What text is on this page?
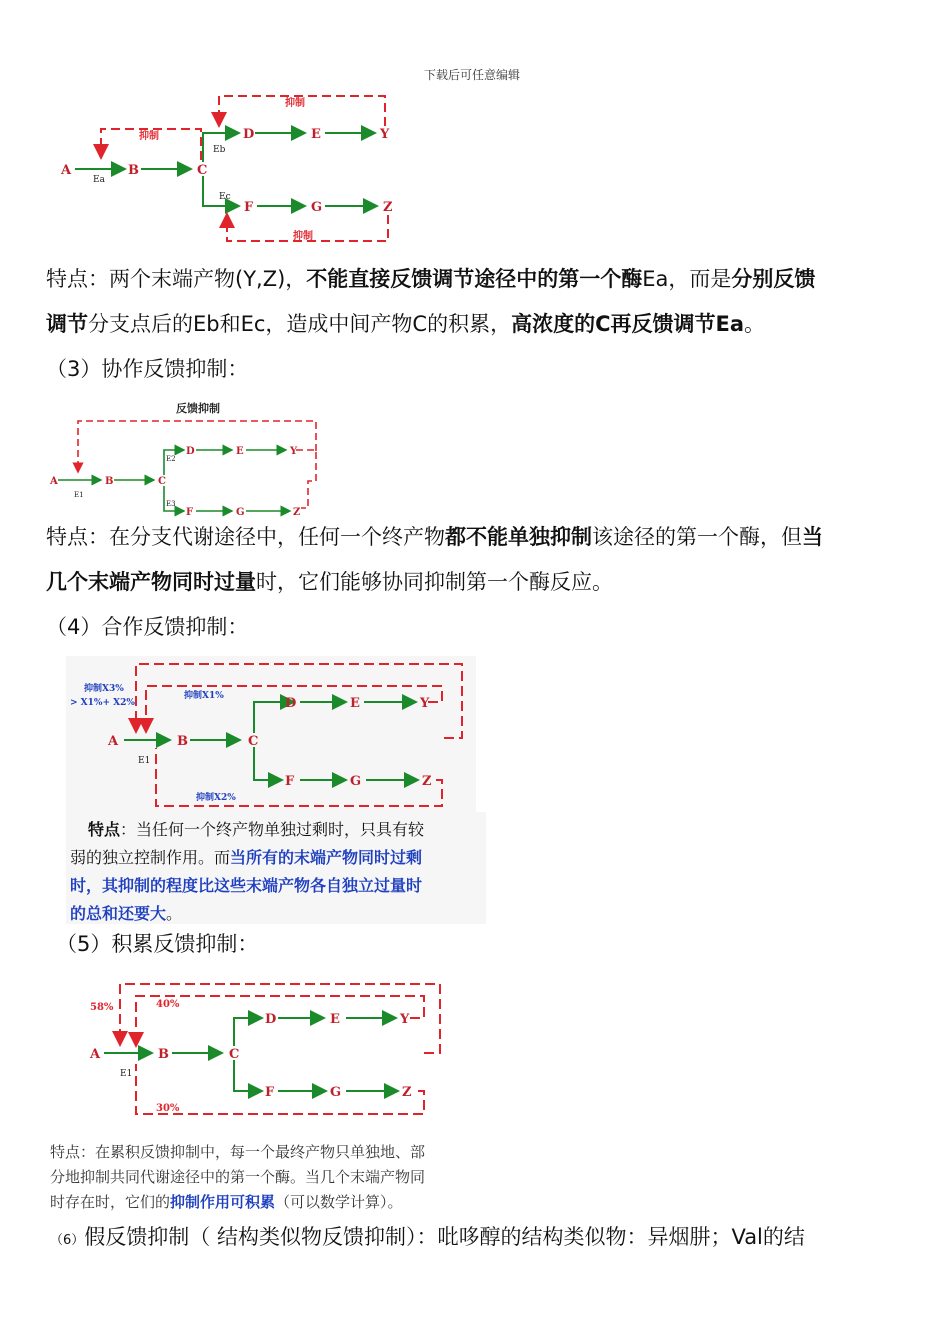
下载后可任意编辑
A	B	C
D	E	Y
F	G	Z
Ea
Eb
Ec
抑制
抑制
抑制
特点：两个末端产物(Y,Z)，不能直接反馈调节途径中的第一个酶Ea，而是分别反馈
调节分支点后的Eb和Ec，造成中间产物C的积累，高浓度的C再反馈调节Ea。
（3）协作反馈抑制：
反馈抑制
A	B	C
D	E	Y
F	G	Z
E1
E2
E3
特点：在分支代谢途径中，任何一个终产物都不能单独抑制该途径的第一个酶，但当
几个末端产物同时过量时，它们能够协同抑制第一个酶反应。
（4）合作反馈抑制：
A	B	C
D	E	Y
F	G	Z
E1
抑制X3%
> X1%+ X2%
抑制X1%
抑制X2%
特点：当任何一个终产物单独过剩时，只具有较
弱的独立控制作用。而当所有的末端产物同时过剩
时，其抑制的程度比这些末端产物各自独立过量时
的总和还要大。
（5）积累反馈抑制：
A	B	C
D	E	Y
F	G	Z
E1
58%	40%
30%
特点：在累积反馈抑制中，每一个最终产物只单独地、部
分地抑制共同代谢途径中的第一个酶。当几个末端产物同
时存在时，它们的抑制作用可积累（可以数学计算）。
（6）假反馈抑制（ 结构类似物反馈抑制）：吡哆醇的结构类似物：异烟肼；Val的结
